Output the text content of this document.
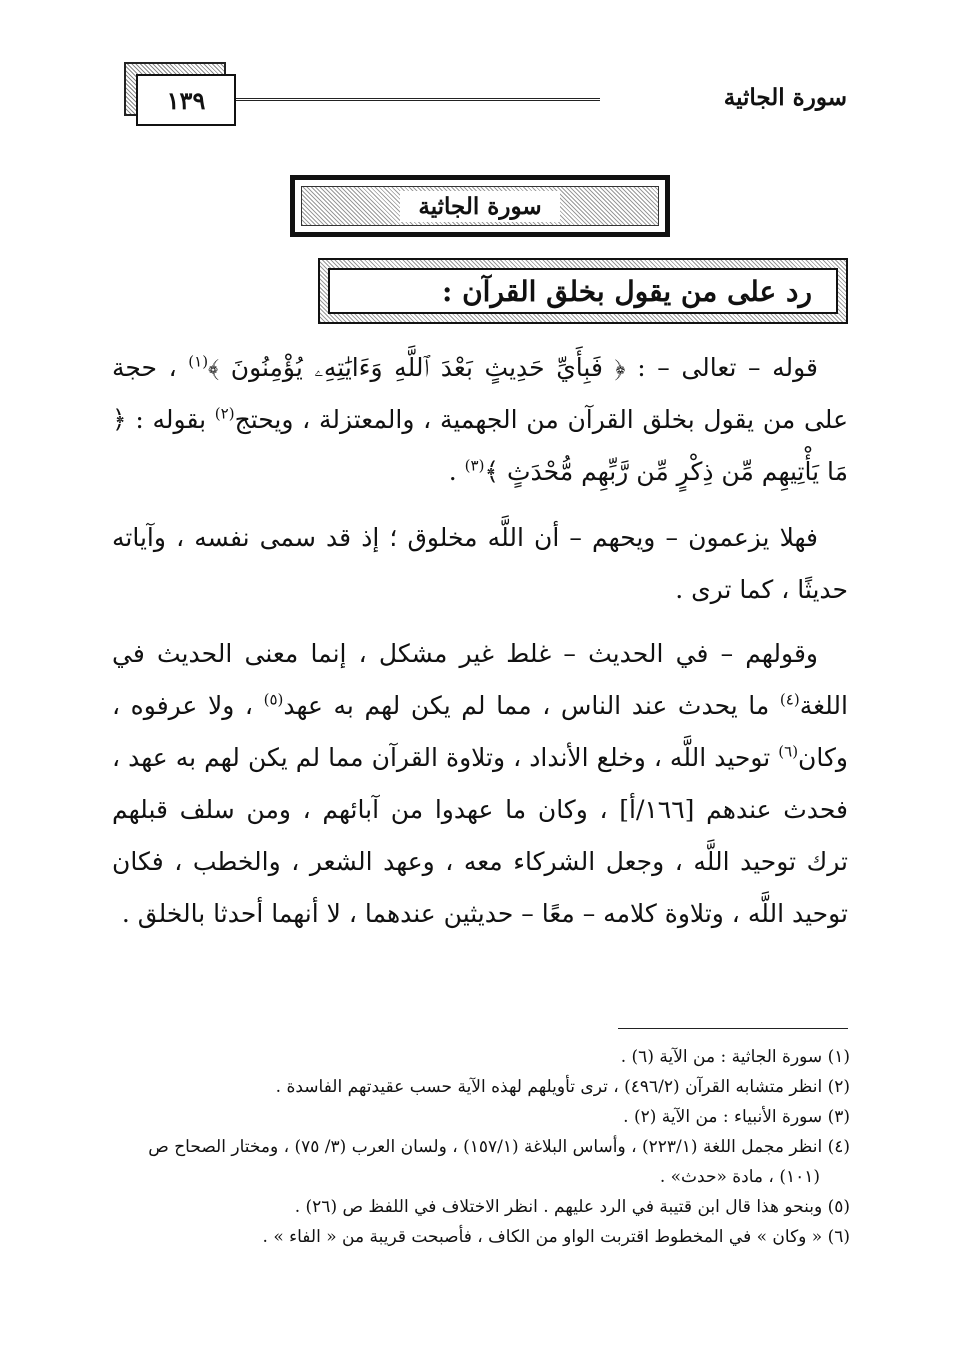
سورة الجاثية
١٣٩
سورة الجاثية
رد على من يقول بخلق القرآن :

قوله – تعالى – : ﴿ فَبِأَيِّ حَدِيثٍ بَعْدَ ٱللَّهِ وَءَايَٰتِهِۦ يُؤْمِنُونَ ﴾$^{(١)}$ ، حجة على من يقول بخلق القرآن من الجهمية ، والمعتزلة ، ويحتج$^{(٢)}$ بقوله : ﴿ مَا يَأْتِيهِم مِّن ذِكْرٍ مِّن رَّبِّهِم مُّحْدَثٍ ﴾$^{(٣)}$ .

فهلا يزعمون – ويحهم – أن اللَّه مخلوق ؛ إذ قد سمى نفسه ، وآياته حديثًا ، كما ترى .

وقولهم – في الحديث – غلط غير مشكل ، إنما معنى الحديث في اللغة$^{(٤)}$ ما يحدث عند الناس ، مما لم يكن لهم به عهد$^{(٥)}$ ، ولا عرفوه ، وكان$^{(٦)}$ توحيد اللَّه ، وخلع الأنداد ، وتلاوة القرآن مما لم يكن لهم به عهد ، فحدث عندهم [١٦٦/أ] ، وكان ما عهدوا من آبائهم ، ومن سلف قبلهم ترك توحيد اللَّه ، وجعل الشركاء معه ، وعهد الشعر ، والخطب ، فكان توحيد اللَّه ، وتلاوة كلامه – معًا – حديثين عندهما ، لا أنهما أحدثا بالخلق .

(١) سورة الجاثية : من الآية (٦) .

(٢) انظر متشابه القرآن (٤٩٦/٢) ، ترى تأويلهم لهذه الآية حسب عقيدتهم الفاسدة .

(٣) سورة الأنبياء : من الآية (٢) .

(٤) انظر مجمل اللغة (٢٢٣/١) ، وأساس البلاغة (١٥٧/١) ، ولسان العرب (٣/ ٧٥) ، ومختار الصحاح ص (١٠١) ، مادة «حدث» .

(٥) وبنحو هذا قال ابن قتيبة في الرد عليهم . انظر الاختلاف في اللفظ ص (٢٦) .

(٦) « وكان » في المخطوط اقتربت الواو من الكاف ، فأصبحت قريبة من « الفاء » .
